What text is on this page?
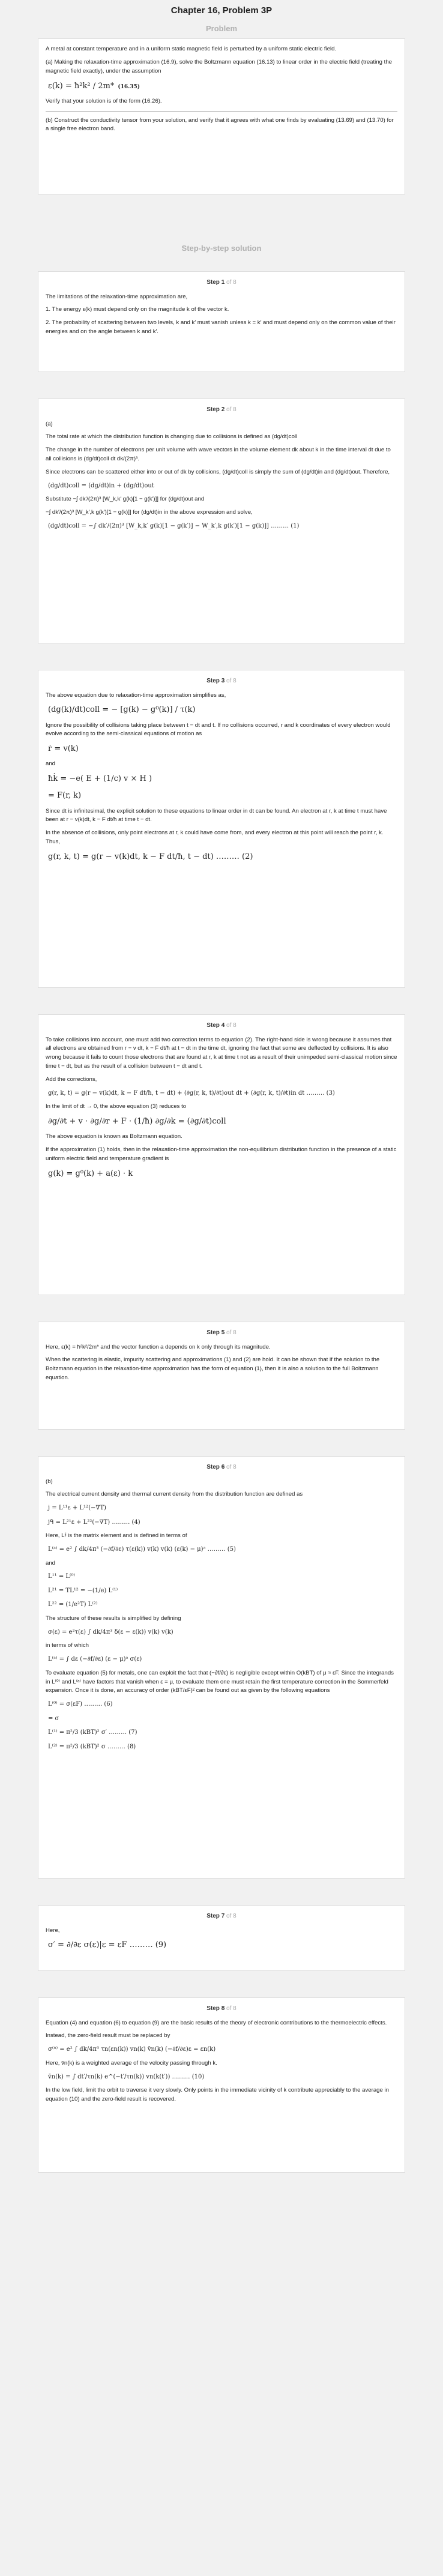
Chapter 16, Problem 3P
Problem

A metal at constant temperature and in a uniform static magnetic field is perturbed by a uniform static electric field.

(a) Making the relaxation-time approximation (16.9), solve the Boltzmann equation (16.13) to linear order in the electric field (treating the magnetic field exactly), under the assumption

ε(k) = ħ²k² / 2m* (16.35)

Verify that your solution is of the form (16.26).

(b) Construct the conductivity tensor from your solution, and verify that it agrees with what one finds by evaluating (13.69) and (13.70) for a single free electron band.

Step-by-step solution
Step 1 of 8

The limitations of the relaxation-time approximation are,

1. The energy ε(k) must depend only on the magnitude k of the vector k.

2. The probability of scattering between two levels, k and k′ must vanish unless k = k′ and must depend only on the common value of their energies and on the angle between k and k′.

Step 2 of 8

(a)

The total rate at which the distribution function is changing due to collisions is defined as (dg/dt)coll

The change in the number of electrons per unit volume with wave vectors in the volume element dk about k in the time interval dt due to all collisions is (dg/dt)coll dt dk/(2π)³.

Since electrons can be scattered either into or out of dk by collisions, (dg/dt)coll is simply the sum of (dg/dt)in and (dg/dt)out. Therefore,

(dg/dt)coll = (dg/dt)in + (dg/dt)out

Substitute −∫ dk′/(2π)³ [W_k,k′ g(k)[1 − g(k′)]] for (dg/dt)out and

−∫ dk′/(2π)³ [W_k′,k g(k′)[1 − g(k)]] for (dg/dt)in in the above expression and solve,

(dg/dt)coll = −∫ dk′/(2π)³ [W_k,k′ g(k)[1 − g(k′)] − W_k′,k g(k′)[1 − g(k)]] ……… (1)
Step 3 of 8

The above equation due to relaxation-time approximation simplifies as,

(dg(k)/dt)coll = − [g(k) − g⁰(k)] / τ(k)

Ignore the possibility of collisions taking place between t − dt and t. If no collisions occurred, r and k coordinates of every electron would evolve according to the semi-classical equations of motion as

ṙ = v(k)

and

ħk̇ = −e( E + (1/c) v × H )
= F(r, k)

Since dt is infinitesimal, the explicit solution to these equations to linear order in dt can be found. An electron at r, k at time t must have been at r − v(k)dt, k − F dt/ħ at time t − dt.

In the absence of collisions, only point electrons at r, k could have come from, and every electron at this point will reach the point r, k. Thus,

g(r, k, t) = g(r − v(k)dt, k − F dt/ħ, t − dt) ……… (2)
Step 4 of 8

To take collisions into account, one must add two correction terms to equation (2). The right-hand side is wrong because it assumes that all electrons are obtained from r − v dt, k − F dt/ħ at t − dt in the time dt, ignoring the fact that some are deflected by collisions. It is also wrong because it fails to count those electrons that are found at r, k at time t not as a result of their unimpeded semi-classical motion since time t − dt, but as the result of a collision between t − dt and t.

Add the corrections,

g(r, k, t) = g(r − v(k)dt, k − F dt/ħ, t − dt) + (∂g(r, k, t)/∂t)out dt + (∂g(r, k, t)/∂t)in dt ……… (3)

In the limit of dt → 0, the above equation (3) reduces to

∂g/∂t + v · ∂g/∂r + F · (1/ħ) ∂g/∂k = (∂g/∂t)coll

The above equation is known as Boltzmann equation.

If the approximation (1) holds, then in the relaxation-time approximation the non-equilibrium distribution function in the presence of a static uniform electric field and temperature gradient is

g(k) = g⁰(k) + a(ε) · k
Step 5 of 8

Here, ε(k) = ħ²k²/2m* and the vector function a depends on k only through its magnitude.

When the scattering is elastic, impurity scattering and approximations (1) and (2) are hold. It can be shown that if the solution to the Boltzmann equation in the relaxation-time approximation has the form of equation (1), then it is also a solution to the full Boltzmann equation.

Step 6 of 8

(b)

The electrical current density and thermal current density from the distribution function are defined as

j = L¹¹ε + L¹²(−∇T)
jᑫ = L²¹ε + L²²(−∇T) ……… (4)

Here, Lᶦʲ is the matrix element and is defined in terms of

L⁽ᵃ⁾ = e² ∫ dk/4π³ (−∂f/∂ε) τ(ε(k)) v(k) v(k) (ε(k) − μ)ᵃ ……… (5)

and

L¹¹ = L⁽⁰⁾
L²¹ = TL¹² = −(1/e) L⁽¹⁾
L²² = (1/e²T) L⁽²⁾

The structure of these results is simplified by defining

σ(ε) = e²τ(ε) ∫ dk/4π³ δ(ε − ε(k)) v(k) v(k)

in terms of which

L⁽ᵃ⁾ = ∫ dε (−∂f/∂ε) (ε − μ)ᵃ σ(ε)

To evaluate equation (5) for metals, one can exploit the fact that (−∂f/∂ε) is negligible except within O(kBT) of μ ≈ εF. Since the integrands in L⁽⁰⁾ and L⁽ᵃ⁾ have factors that vanish when ε = μ, to evaluate them one must retain the first temperature correction in the Sommerfeld expansion. Once it is done, an accuracy of order (kBT/εF)² can be found out as given by the following equations

L⁽⁰⁾ = σ(εF) ……… (6)
= σ
L⁽¹⁾ = π²/3 (kBT)² σ′ ……… (7)
L⁽²⁾ = π²/3 (kBT)² σ ……… (8)
Step 7 of 8

Here,

σ′ = ∂/∂ε σ(ε)|ε = εF ……… (9)
Step 8 of 8

Equation (4) and equation (6) to equation (9) are the basic results of the theory of electronic contributions to the thermoelectric effects.

Instead, the zero-field result must be replaced by

σ⁽ⁿ⁾ = e² ∫ dk/4π³ τn(εn(k)) vn(k) v̄n(k) (−∂f/∂ε)ε = εn(k)

Here, v̄n(k) is a weighted average of the velocity passing through k.

v̄n(k) = ∫ dt′/τn(k) e^(−t′/τn(k)) vn(k(t′)) ……… (10)

In the low field, limit the orbit to traverse it very slowly. Only points in the immediate vicinity of k contribute appreciably to the average in equation (10) and the zero-field result is recovered.
